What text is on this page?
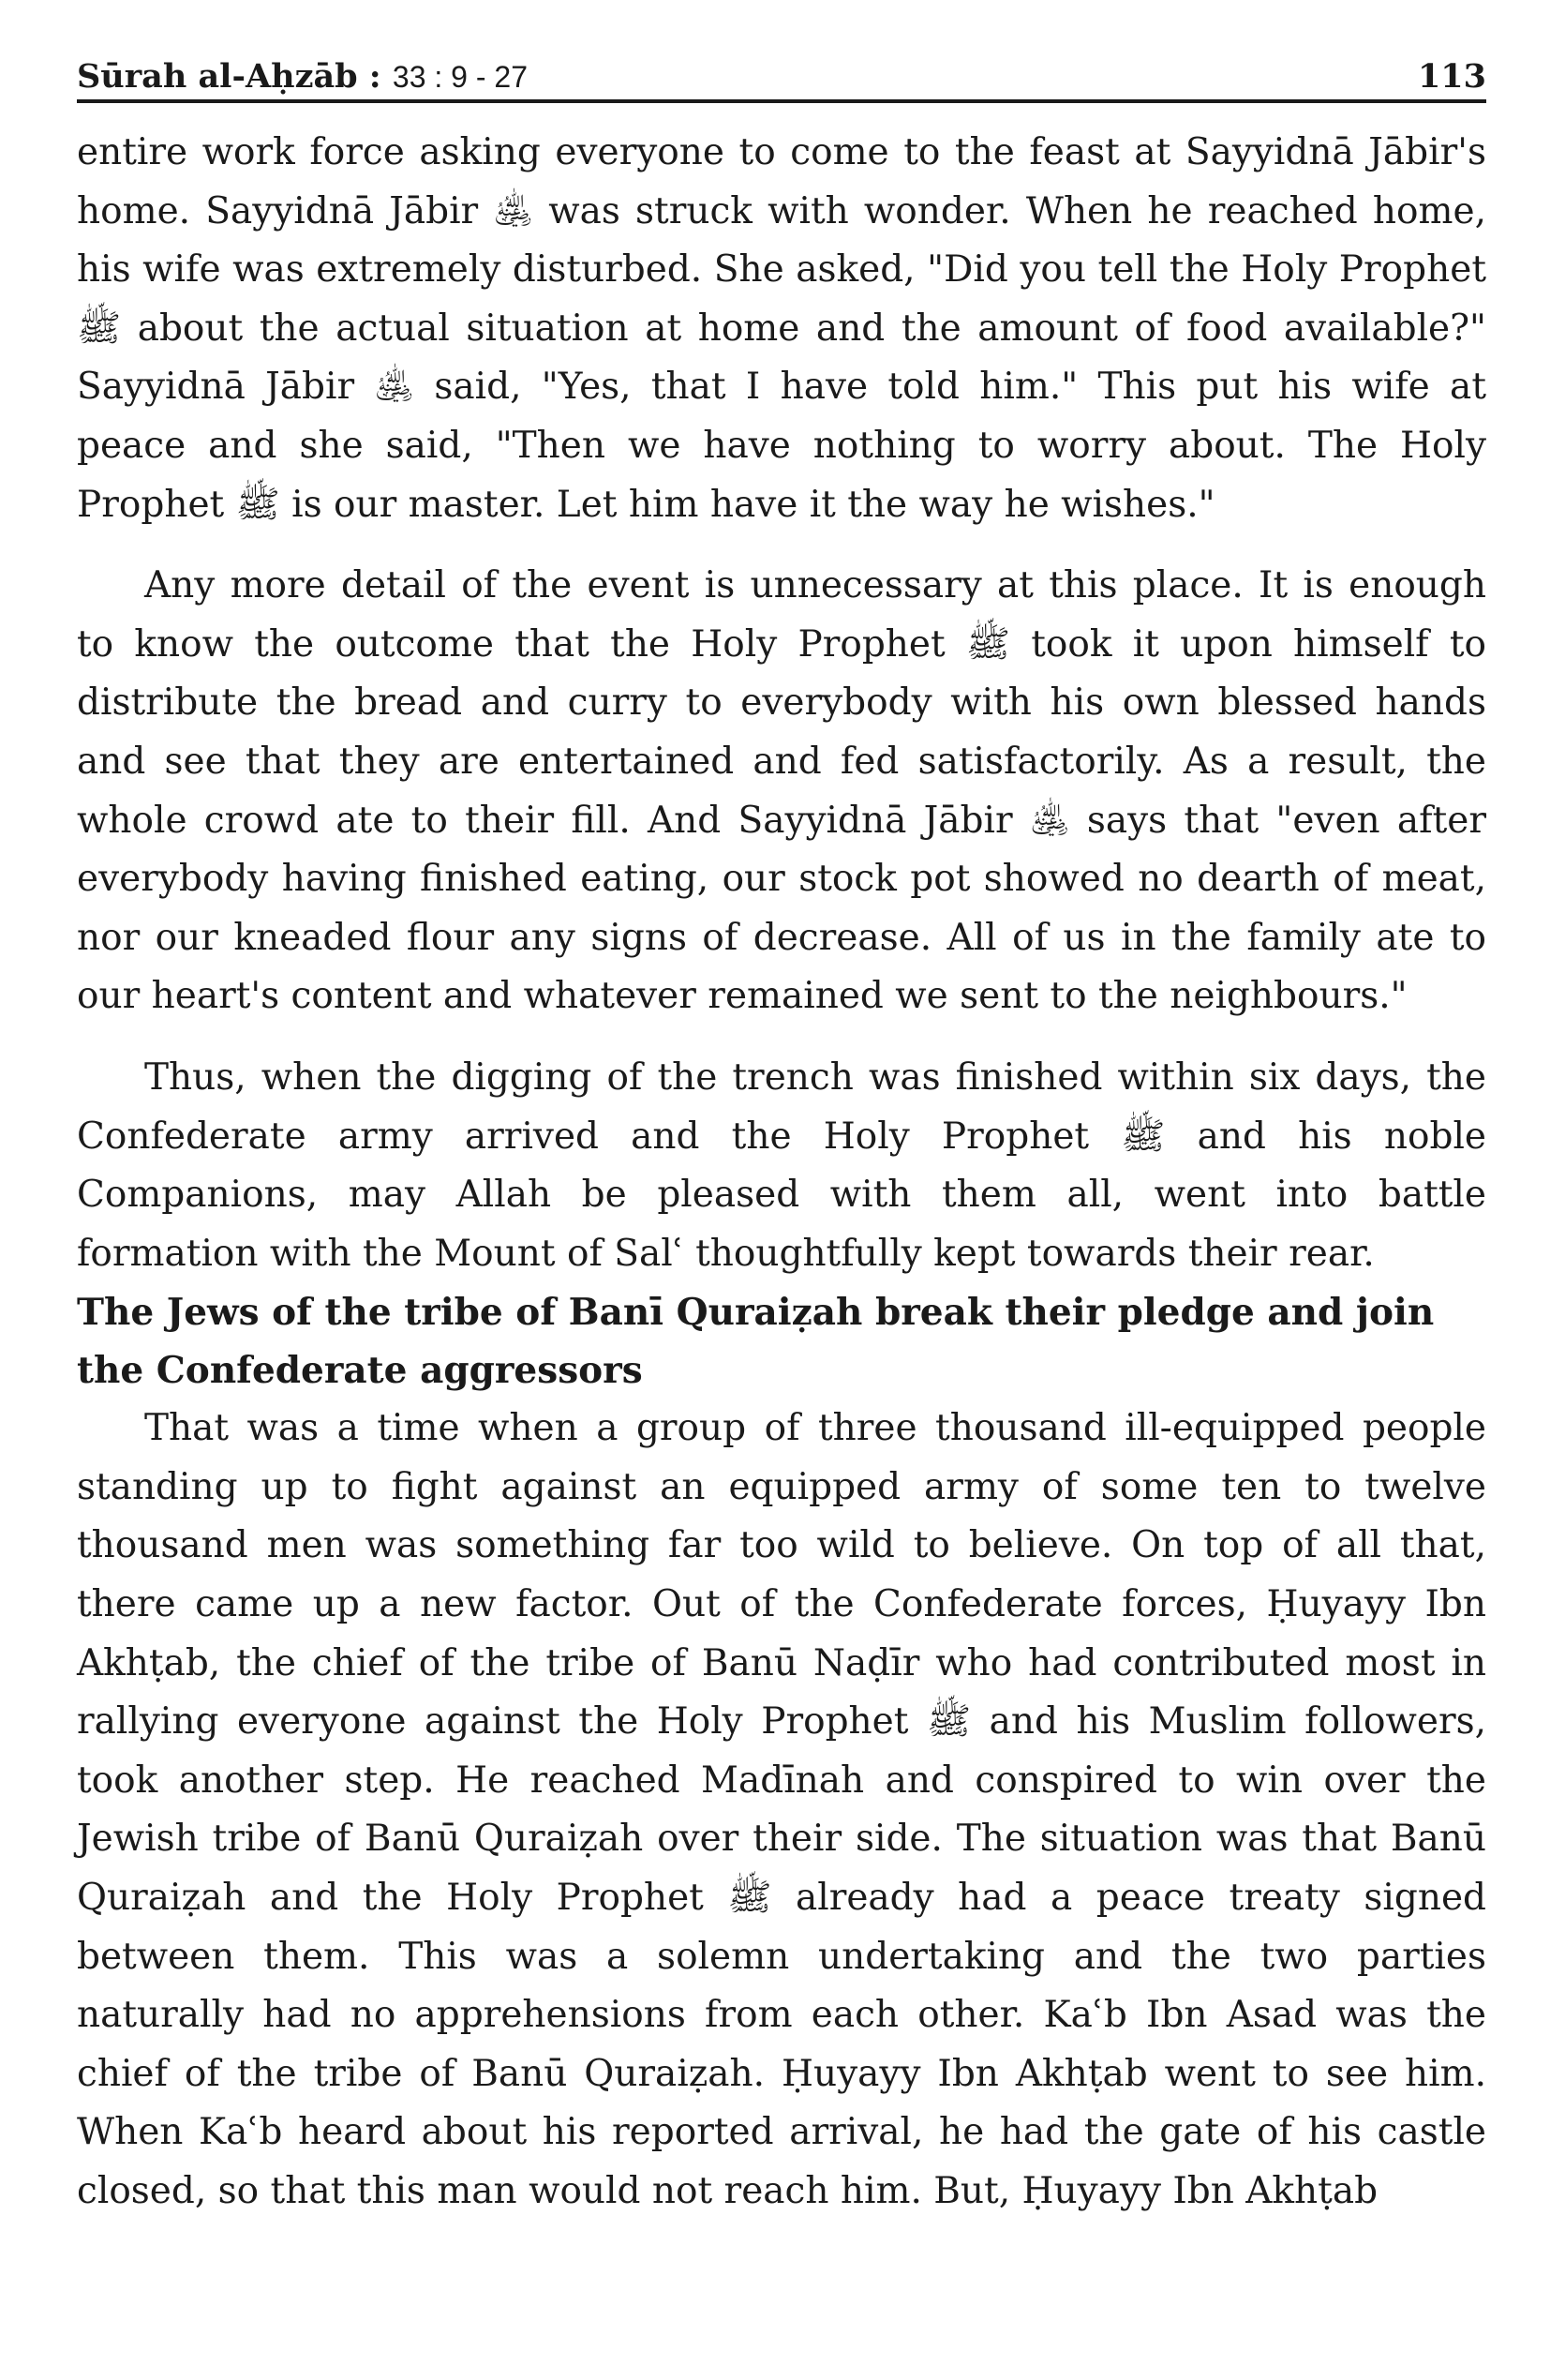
Sūrah al-Aḥzāb : 33 : 9 - 27	113

entire work force asking everyone to come to the feast at Sayyidnā Jābir's home. Sayyidnā Jābir ﵁ was struck with wonder. When he reached home, his wife was extremely disturbed. She asked, "Did you tell the Holy Prophet ﷺ about the actual situation at home and the amount of food available?" Sayyidnā Jābir ﵁ said, "Yes, that I have told him." This put his wife at peace and she said, "Then we have nothing to worry about. The Holy Prophet ﷺ is our master. Let him have it the way he wishes."

Any more detail of the event is unnecessary at this place. It is enough to know the outcome that the Holy Prophet ﷺ took it upon himself to distribute the bread and curry to everybody with his own blessed hands and see that they are entertained and fed satisfactorily. As a result, the whole crowd ate to their fill. And Sayyidnā Jābir ﵁ says that "even after everybody having finished eating, our stock pot showed no dearth of meat, nor our kneaded flour any signs of decrease. All of us in the family ate to our heart's content and whatever remained we sent to the neighbours."

Thus, when the digging of the trench was finished within six days, the Confederate army arrived and the Holy Prophet ﷺ and his noble Companions, may Allah be pleased with them all, went into battle formation with the Mount of Salʿ thoughtfully kept towards their rear.

The Jews of the tribe of Banī Quraiẓah break their pledge and join the Confederate aggressors

That was a time when a group of three thousand ill-equipped people standing up to fight against an equipped army of some ten to twelve thousand men was something far too wild to believe. On top of all that, there came up a new factor. Out of the Confederate forces, Ḥuyayy Ibn Akhṭab, the chief of the tribe of Banū Naḍīr who had contributed most in rallying everyone against the Holy Prophet ﷺ and his Muslim followers, took another step. He reached Madīnah and conspired to win over the Jewish tribe of Banū Quraiẓah over their side. The situation was that Banū Quraiẓah and the Holy Prophet ﷺ already had a peace treaty signed between them. This was a solemn undertaking and the two parties naturally had no apprehensions from each other. Kaʿb Ibn Asad was the chief of the tribe of Banū Quraiẓah. Ḥuyayy Ibn Akhṭab went to see him. When Kaʿb heard about his reported arrival, he had the gate of his castle closed, so that this man would not reach him. But, Ḥuyayy Ibn Akhṭab
